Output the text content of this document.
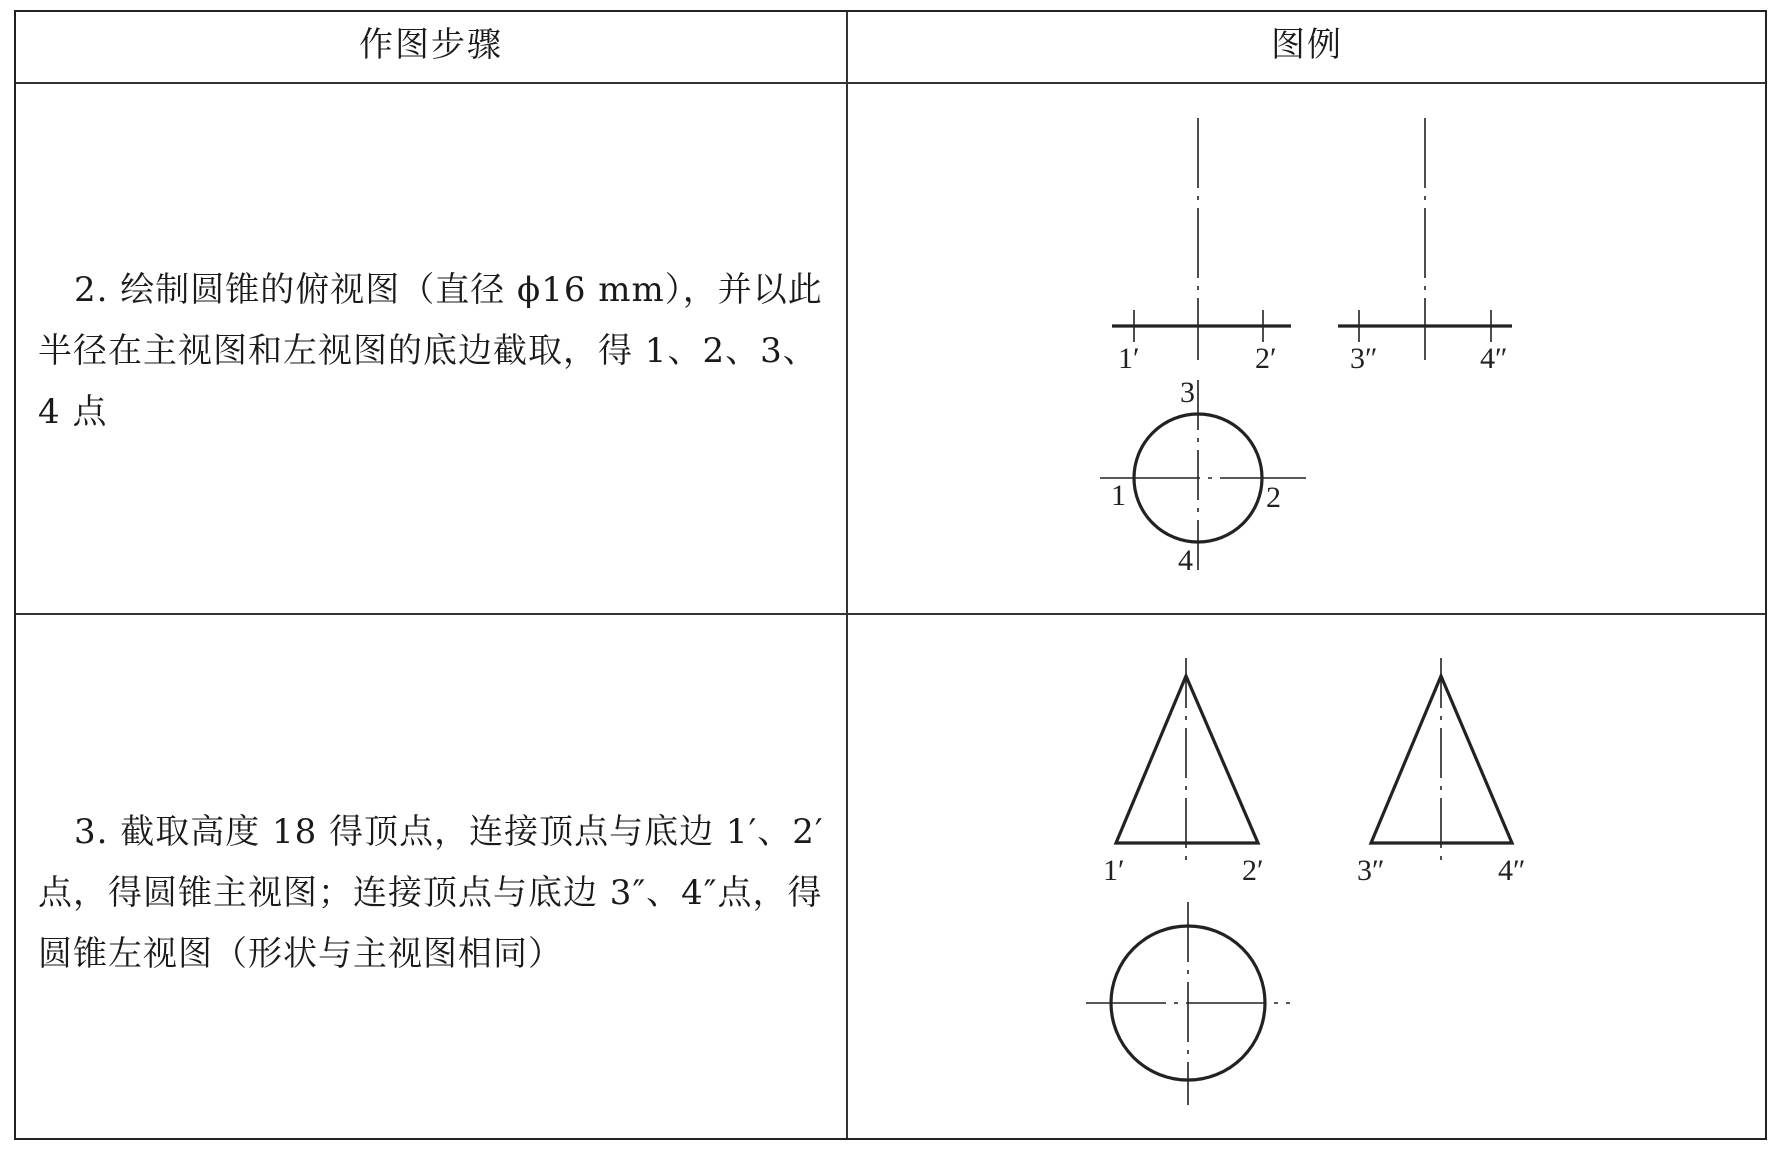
作图步骤	图例
2. 绘制圆锥的俯视图（直径 ϕ16 mm），并以此半径在主视图和左视图的底边截取，得 1、2、3、4 点
3. 截取高度 18 得顶点，连接顶点与底边 1′、2′点，得圆锥主视图；连接顶点与底边 3″、4″点，得圆锥左视图（形状与主视图相同）
1′	2′ 3″	4″
1	2
3
4
1′	2′	3″	4″
